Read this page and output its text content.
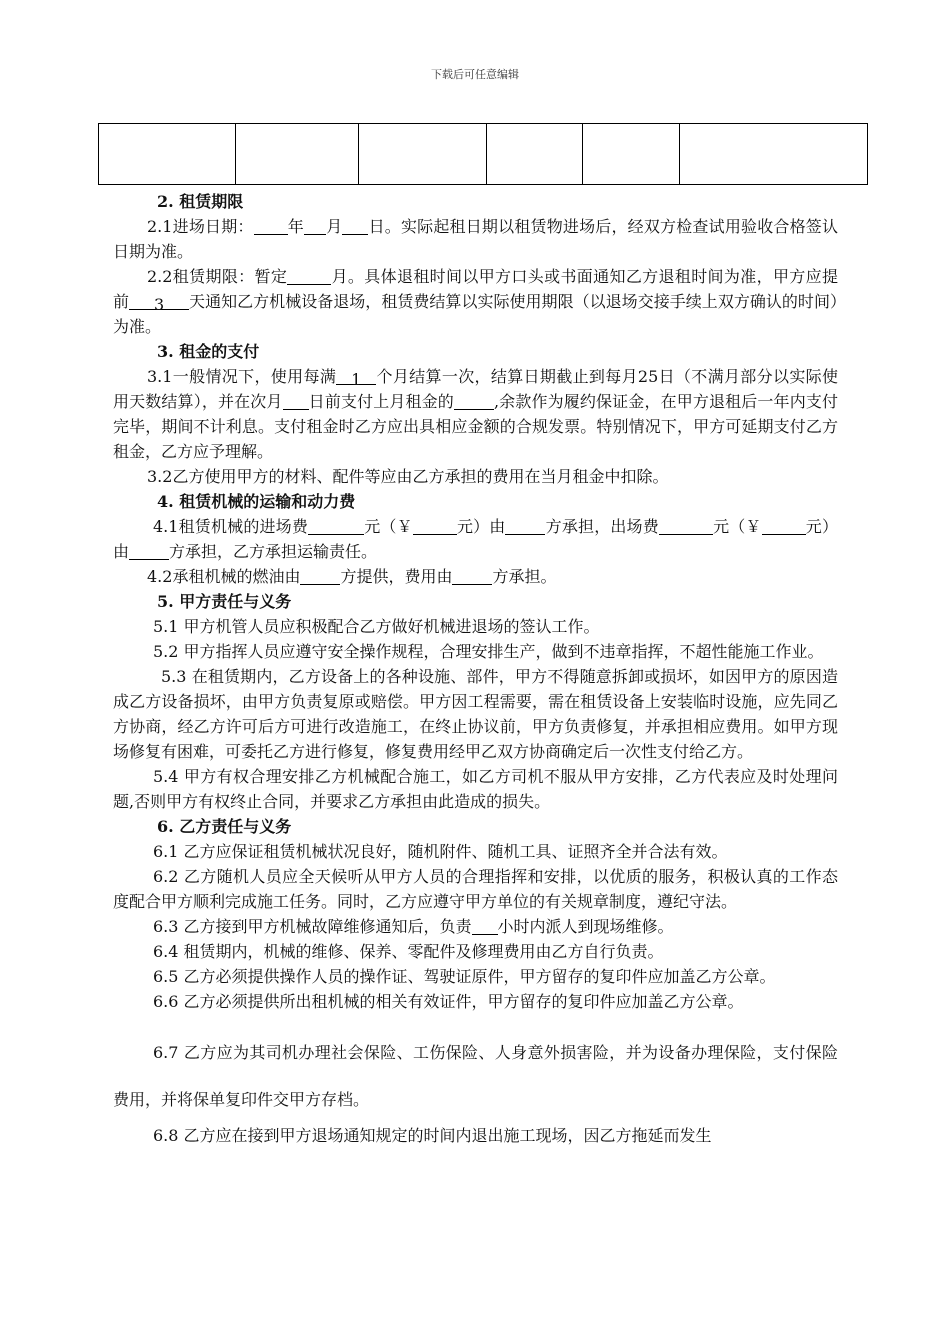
下载后可任意编辑

2. 租赁期限

2.1进场日期： 年 月 日。实际起租日期以租赁物进场后，经双方检查试用验收合格签认日期为准。

2.2租赁期限：暂定	月。具体退租时间以甲方口头或书面通知乙方退租时间为准，甲方应提前 3 天通知乙方机械设备退场，租赁费结算以实际使用期限（以退场交接手续上双方确认的时间）为准。

3. 租金的支付

3.1一般情况下，使用每满 1 个月结算一次，结算日期截止到每月25日（不满月部分以实际使用天数结算），并在次月 日前支付上月租金的	,余款作为履约保证金，在甲方退租后一年内支付完毕，期间不计利息。支付租金时乙方应出具相应金额的合规发票。特别情况下，甲方可延期支付乙方租金，乙方应予理解。

3.2乙方使用甲方的材料、配件等应由乙方承担的费用在当月租金中扣除。

4. 租赁机械的运输和动力费

4.1租赁机械的进场费	元（￥	元）由	方承担，出场费	元（￥	元）由	方承担，乙方承担运输责任。

4.2承租机械的燃油由	方提供，费用由	方承担。

5. 甲方责任与义务

5.1 甲方机管人员应积极配合乙方做好机械进退场的签认工作。

5.2 甲方指挥人员应遵守安全操作规程，合理安排生产，做到不违章指挥，不超性能施工作业。

5.3 在租赁期内，乙方设备上的各种设施、部件，甲方不得随意拆卸或损坏，如因甲方的原因造成乙方设备损坏，由甲方负责复原或赔偿。甲方因工程需要，需在租赁设备上安装临时设施，应先同乙方协商，经乙方许可后方可进行改造施工，在终止协议前，甲方负责修复，并承担相应费用。如甲方现场修复有困难，可委托乙方进行修复，修复费用经甲乙双方协商确定后一次性支付给乙方。

5.4 甲方有权合理安排乙方机械配合施工，如乙方司机不服从甲方安排，乙方代表应及时处理问题,否则甲方有权终止合同，并要求乙方承担由此造成的损失。

6. 乙方责任与义务

6.1 乙方应保证租赁机械状况良好，随机附件、随机工具、证照齐全并合法有效。

6.2 乙方随机人员应全天候听从甲方人员的合理指挥和安排，以优质的服务，积极认真的工作态度配合甲方顺利完成施工任务。同时，乙方应遵守甲方单位的有关规章制度，遵纪守法。

6.3 乙方接到甲方机械故障维修通知后，负责 小时内派人到现场维修。

6.4 租赁期内，机械的维修、保养、零配件及修理费用由乙方自行负责。

6.5 乙方必须提供操作人员的操作证、驾驶证原件，甲方留存的复印件应加盖乙方公章。

6.6 乙方必须提供所出租机械的相关有效证件，甲方留存的复印件应加盖乙方公章。

6.7 乙方应为其司机办理社会保险、工伤保险、人身意外损害险，并为设备办理保险，支付保险费用，并将保单复印件交甲方存档。

6.8 乙方应在接到甲方退场通知规定的时间内退出施工现场，因乙方拖延而发生
